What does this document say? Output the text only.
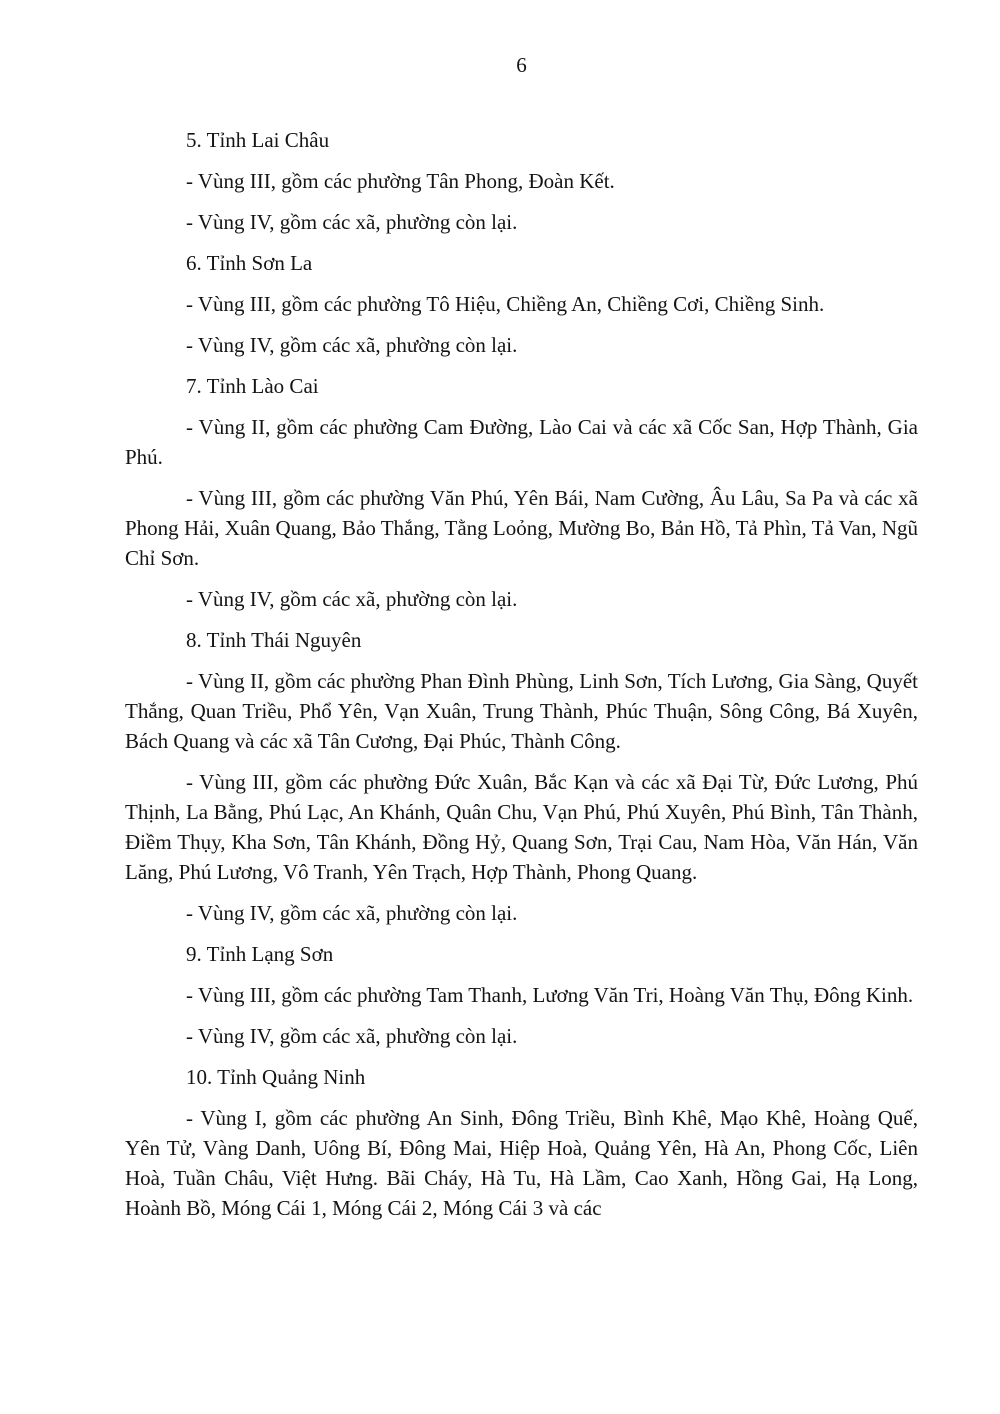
6

5. Tỉnh Lai Châu

- Vùng III, gồm các phường Tân Phong, Đoàn Kết.

- Vùng IV, gồm các xã, phường còn lại.

6. Tỉnh Sơn La

- Vùng III, gồm các phường Tô Hiệu, Chiềng An, Chiềng Cơi, Chiềng Sinh.

- Vùng IV, gồm các xã, phường còn lại.

7. Tỉnh Lào Cai

- Vùng II, gồm các phường Cam Đường, Lào Cai và các xã Cốc San, Hợp Thành, Gia Phú.

- Vùng III, gồm các phường Văn Phú, Yên Bái, Nam Cường, Âu Lâu, Sa Pa và các xã Phong Hải, Xuân Quang, Bảo Thắng, Tằng Loỏng, Mường Bo, Bản Hồ, Tả Phìn, Tả Van, Ngũ Chỉ Sơn.

- Vùng IV, gồm các xã, phường còn lại.

8. Tỉnh Thái Nguyên

- Vùng II, gồm các phường Phan Đình Phùng, Linh Sơn, Tích Lương, Gia Sàng, Quyết Thắng, Quan Triều, Phổ Yên, Vạn Xuân, Trung Thành, Phúc Thuận, Sông Công, Bá Xuyên, Bách Quang và các xã Tân Cương, Đại Phúc, Thành Công.

- Vùng III, gồm các phường Đức Xuân, Bắc Kạn và các xã Đại Từ, Đức Lương, Phú Thịnh, La Bằng, Phú Lạc, An Khánh, Quân Chu, Vạn Phú, Phú Xuyên, Phú Bình, Tân Thành, Điềm Thụy, Kha Sơn, Tân Khánh, Đồng Hỷ, Quang Sơn, Trại Cau, Nam Hòa, Văn Hán, Văn Lăng, Phú Lương, Vô Tranh, Yên Trạch, Hợp Thành, Phong Quang.

- Vùng IV, gồm các xã, phường còn lại.

9. Tỉnh Lạng Sơn

- Vùng III, gồm các phường Tam Thanh, Lương Văn Tri, Hoàng Văn Thụ, Đông Kinh.

- Vùng IV, gồm các xã, phường còn lại.

10. Tỉnh Quảng Ninh

- Vùng I, gồm các phường An Sinh, Đông Triều, Bình Khê, Mạo Khê, Hoàng Quế, Yên Tử, Vàng Danh, Uông Bí, Đông Mai, Hiệp Hoà, Quảng Yên, Hà An, Phong Cốc, Liên Hoà, Tuần Châu, Việt Hưng. Bãi Cháy, Hà Tu, Hà Lầm, Cao Xanh, Hồng Gai, Hạ Long, Hoành Bồ, Móng Cái 1, Móng Cái 2, Móng Cái 3 và các
